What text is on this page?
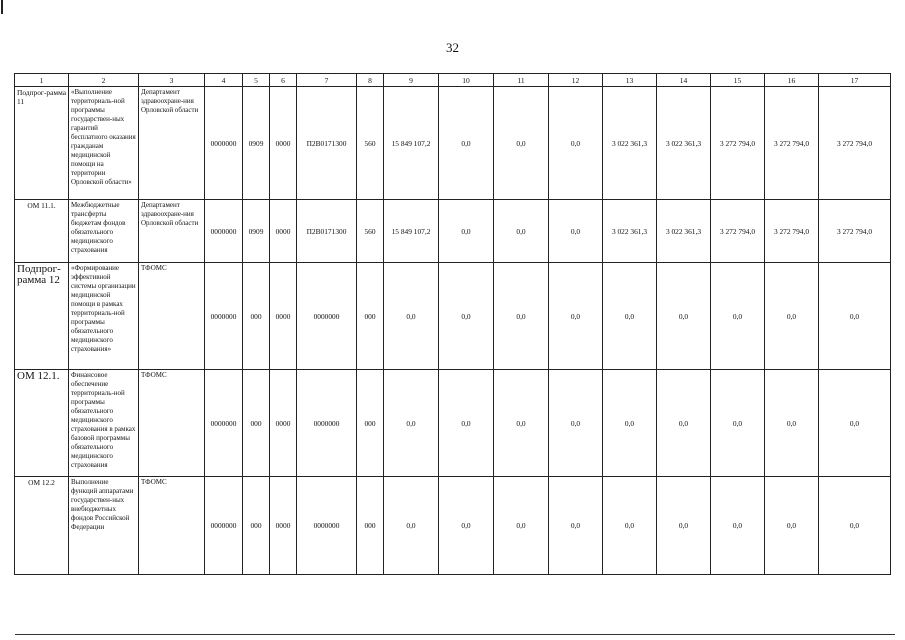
32
1	2	3	4	5	6	7	8	9	10	11	12	13	14	15	16	17
Подпрог-рамма 11	«Выполнение территориаль-ной программы государствен-ных гарантий бесплатного оказания гражданам медицинской помощи на территории Орловской области»	Департамент здравоохране-ния Орловской области	0000000	0909	0000	П2В0171300	560	15 849 107,2	0,0	0,0	0,0	3 022 361,3	3 022 361,3	3 272 794,0	3 272 794,0	3 272 794,0
ОМ 11.1.	Межбюджетные трансферты бюджетам фондов обязательного медицинского страхования	Департамент здравоохране-ния Орловской области	0000000	0909	0000	П2В0171300	560	15 849 107,2	0,0	0,0	0,0	3 022 361,3	3 022 361,3	3 272 794,0	3 272 794,0	3 272 794,0
Подпрог-рамма 12	«Формирование эффективной системы организации медицинской помощи в рамках территориаль-ной программы обязательного медицинского страхования»	ТФОМС	0000000	000	0000	0000000	000	0,0	0,0	0,0	0,0	0,0	0,0	0,0	0,0	0,0
ОМ 12.1.	Финансовое обеспечение территориаль-ной программы обязательного медицинского страхования в рамках базовой программы обязательного медицинского страхования	ТФОМС	0000000	000	0000	0000000	000	0,0	0,0	0,0	0,0	0,0	0,0	0,0	0,0	0,0
ОМ 12.2	Выполнение функций аппаратами государствен-ных внебюджетных фондов Российской Федерации	ТФОМС	0000000	000	0000	0000000	000	0,0	0,0	0,0	0,0	0,0	0,0	0,0	0,0	0,0
